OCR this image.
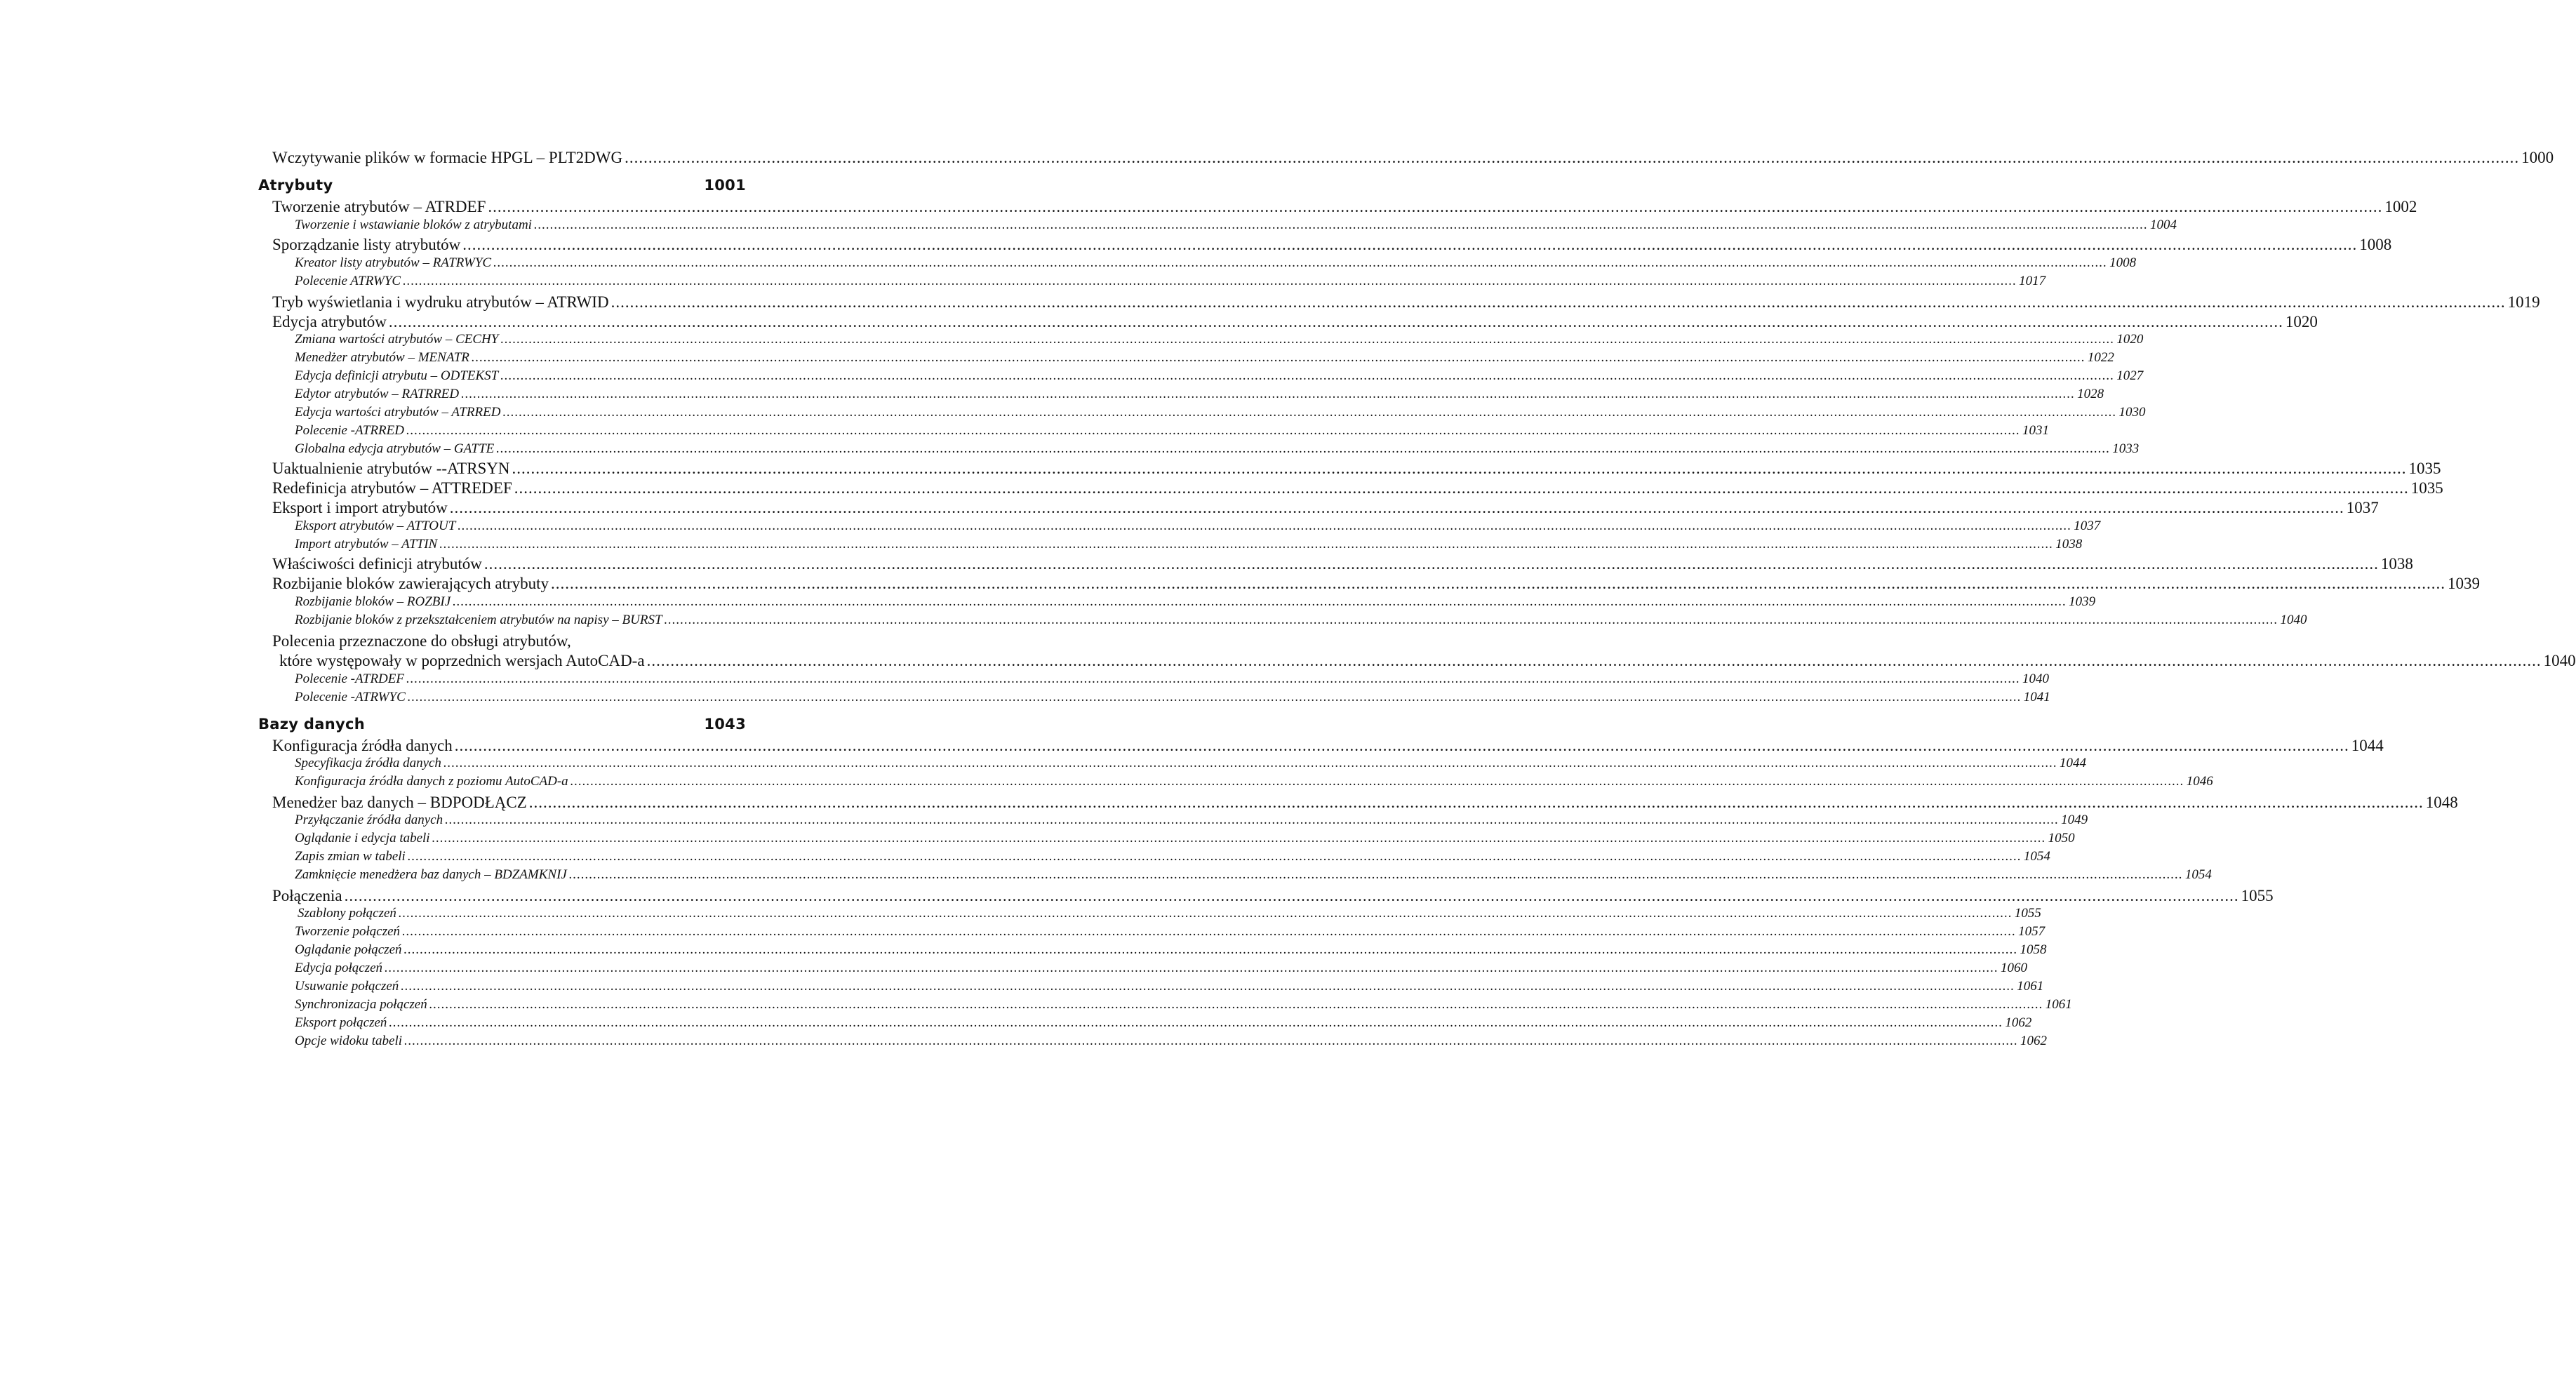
Wczytywanie plików w formacie HPGL – PLT2DWG ................................................................................................................................................................................................................................................................................................................................................................................................................ 1000
Atrybuty	1001
Tworzenie atrybutów – ATRDEF ................................................................................................................................................................................................................................................................................................................................................................................................................ 1002
Tworzenie i wstawianie bloków z atrybutami ................................................................................................................................................................................................................................................................................................................................................................................................................ 1004
Sporządzanie listy atrybutów ................................................................................................................................................................................................................................................................................................................................................................................................................ 1008
Kreator listy atrybutów – RATRWYC ................................................................................................................................................................................................................................................................................................................................................................................................................ 1008
Polecenie ATRWYC ................................................................................................................................................................................................................................................................................................................................................................................................................ 1017
Tryb wyświetlania i wydruku atrybutów – ATRWID ................................................................................................................................................................................................................................................................................................................................................................................................................ 1019
Edycja atrybutów ................................................................................................................................................................................................................................................................................................................................................................................................................ 1020
Zmiana wartości atrybutów – CECHY ................................................................................................................................................................................................................................................................................................................................................................................................................ 1020
Menedżer atrybutów – MENATR ................................................................................................................................................................................................................................................................................................................................................................................................................ 1022
Edycja definicji atrybutu – ODTEKST ................................................................................................................................................................................................................................................................................................................................................................................................................ 1027
Edytor atrybutów – RATRRED ................................................................................................................................................................................................................................................................................................................................................................................................................ 1028
Edycja wartości atrybutów – ATRRED ................................................................................................................................................................................................................................................................................................................................................................................................................ 1030
Polecenie -ATRRED ................................................................................................................................................................................................................................................................................................................................................................................................................ 1031
Globalna edycja atrybutów – GATTE ................................................................................................................................................................................................................................................................................................................................................................................................................ 1033
Uaktualnienie atrybutów --ATRSYN ................................................................................................................................................................................................................................................................................................................................................................................................................ 1035
Redefinicja atrybutów – ATTREDEF ................................................................................................................................................................................................................................................................................................................................................................................................................ 1035
Eksport i import atrybutów ................................................................................................................................................................................................................................................................................................................................................................................................................ 1037
Eksport atrybutów – ATTOUT ................................................................................................................................................................................................................................................................................................................................................................................................................ 1037
Import atrybutów – ATTIN ................................................................................................................................................................................................................................................................................................................................................................................................................ 1038
Właściwości definicji atrybutów ................................................................................................................................................................................................................................................................................................................................................................................................................ 1038
Rozbijanie bloków zawierających atrybuty ................................................................................................................................................................................................................................................................................................................................................................................................................ 1039
Rozbijanie bloków – ROZBIJ ................................................................................................................................................................................................................................................................................................................................................................................................................ 1039
Rozbijanie bloków z przekształceniem atrybutów na napisy – BURST ................................................................................................................................................................................................................................................................................................................................................................................................................ 1040
Polecenia przeznaczone do obsługi atrybutów,
które występowały w poprzednich wersjach AutoCAD-a ................................................................................................................................................................................................................................................................................................................................................................................................................ 1040
Polecenie -ATRDEF ................................................................................................................................................................................................................................................................................................................................................................................................................ 1040
Polecenie -ATRWYC ................................................................................................................................................................................................................................................................................................................................................................................................................ 1041
Bazy danych	1043
Konfiguracja źródła danych ................................................................................................................................................................................................................................................................................................................................................................................................................ 1044
Specyfikacja źródła danych ................................................................................................................................................................................................................................................................................................................................................................................................................ 1044
Konfiguracja źródła danych z poziomu AutoCAD-a ................................................................................................................................................................................................................................................................................................................................................................................................................ 1046
Menedżer baz danych – BDPODŁĄCZ ................................................................................................................................................................................................................................................................................................................................................................................................................ 1048
Przyłączanie źródła danych ................................................................................................................................................................................................................................................................................................................................................................................................................ 1049
Oglądanie i edycja tabeli ................................................................................................................................................................................................................................................................................................................................................................................................................ 1050
Zapis zmian w tabeli ................................................................................................................................................................................................................................................................................................................................................................................................................ 1054
Zamknięcie menedżera baz danych – BDZAMKNIJ ................................................................................................................................................................................................................................................................................................................................................................................................................ 1054
Połączenia ................................................................................................................................................................................................................................................................................................................................................................................................................ 1055
Szablony połączeń ................................................................................................................................................................................................................................................................................................................................................................................................................ 1055
Tworzenie połączeń ................................................................................................................................................................................................................................................................................................................................................................................................................ 1057
Oglądanie połączeń ................................................................................................................................................................................................................................................................................................................................................................................................................ 1058
Edycja połączeń ................................................................................................................................................................................................................................................................................................................................................................................................................ 1060
Usuwanie połączeń ................................................................................................................................................................................................................................................................................................................................................................................................................ 1061
Synchronizacja połączeń ................................................................................................................................................................................................................................................................................................................................................................................................................ 1061
Eksport połączeń ................................................................................................................................................................................................................................................................................................................................................................................................................ 1062
Opcje widoku tabeli ................................................................................................................................................................................................................................................................................................................................................................................................................ 1062
